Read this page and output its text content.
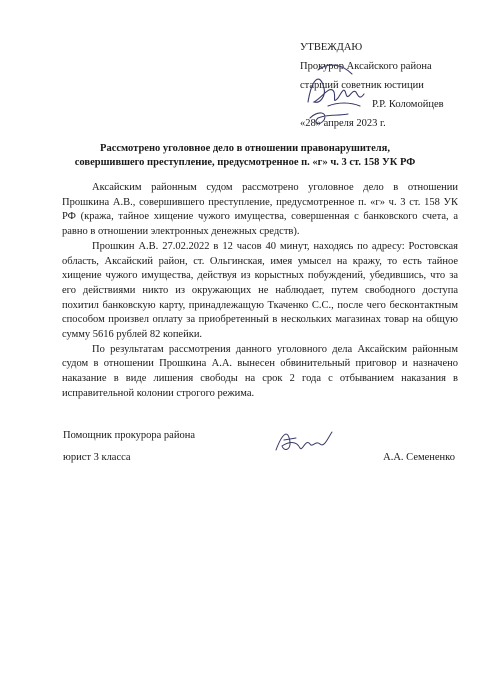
УТВЕЖДАЮ
Прокурор Аксайского района
старший советник юстиции

Р.Р. Коломойцев
«28» апреля 2023 г.
Рассмотрено уголовное дело в отношении правонарушителя,
совершившего преступление, предусмотренное п. «г» ч. 3 ст. 158 УК РФ

Аксайским районным судом рассмотрено уголовное дело в отношении Прошкина А.В., совершившего преступление, предусмотренное п. «г» ч. 3 ст. 158 УК РФ (кража, тайное хищение чужого имущества, совершенная с банковского счета, а равно в отношении электронных денежных средств).

Прошкин А.В. 27.02.2022 в 12 часов 40 минут, находясь по адресу: Ростовская область, Аксайский район, ст. Ольгинская, имея умысел на кражу, то есть тайное хищение чужого имущества, действуя из корыстных побуждений, убедившись, что за его действиями никто из окружающих не наблюдает, путем свободного доступа похитил банковскую карту, принадлежащую Ткаченко С.С., после чего бесконтактным способом произвел оплату за приобретенный в нескольких магазинах товар на общую сумму 5616 рублей 82 копейки.

По результатам рассмотрения данного уголовного дела Аксайским районным судом в отношении Прошкина А.А. вынесен обвинительный приговор и назначено наказание в виде лишения свободы на срок 2 года с отбыванием наказания в исправительной колонии строгого режима.

Помощник прокурора района
юрист 3 класса	А.А. Семененко
